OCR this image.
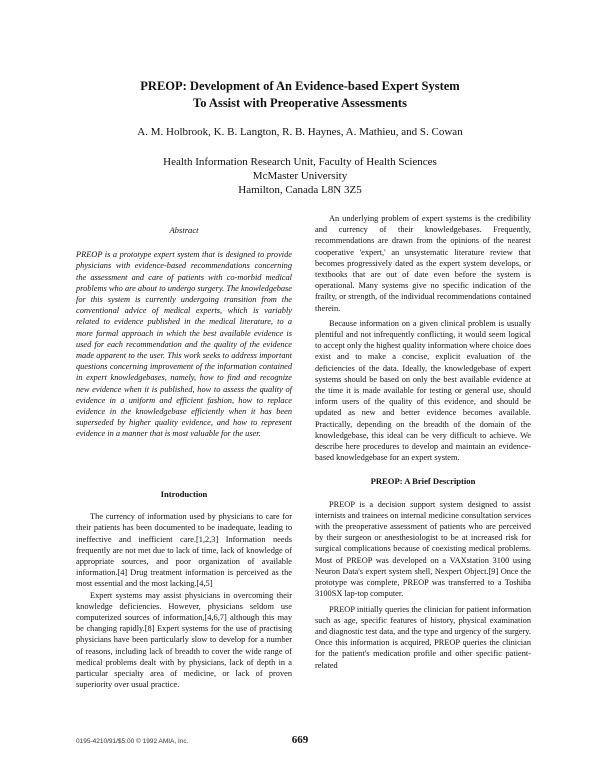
PREOP: Development of An Evidence-based Expert System
To Assist with Preoperative Assessments
A. M. Holbrook, K. B. Langton, R. B. Haynes, A. Mathieu, and S. Cowan
Health Information Research Unit, Faculty of Health Sciences
McMaster University
Hamilton, Canada L8N 3Z5
Abstract

PREOP is a prototype expert system that is designed to provide physicians with evidence-based recommendations concerning the assessment and care of patients with co-morbid medical problems who are about to undergo surgery. The knowledgebase for this system is currently undergoing transition from the conventional advice of medical experts, which is variably related to evidence published in the medical literature, to a more formal approach in which the best available evidence is used for each recommendation and the quality of the evidence made apparent to the user. This work seeks to address important questions concerning improvement of the information contained in expert knowledgebases, namely, how to find and recognize new evidence when it is published, how to assess the quality of evidence in a uniform and efficient fashion, how to replace evidence in the knowledgebase efficiently when it has been superseded by higher quality evidence, and how to represent evidence in a manner that is most valuable for the user.

Introduction

The currency of information used by physicians to care for their patients has been documented to be inadequate, leading to ineffective and inefficient care.[1,2,3] Information needs frequently are not met due to lack of time, lack of knowledge of appropriate sources, and poor organization of available information.[4] Drug treatment information is perceived as the most essential and the most lacking.[4,5]

Expert systems may assist physicians in overcoming their knowledge deficiencies. However, physicians seldom use computerized sources of information,[4,6,7] although this may be changing rapidly.[8] Expert systems for the use of practising physicians have been particularly slow to develop for a number of reasons, including lack of breadth to cover the wide range of medical problems dealt with by physicians, lack of depth in a particular specialty area of medicine, or lack of proven superiority over usual practice.

An underlying problem of expert systems is the credibility and currency of their knowledgebases. Frequently, recommendations are drawn from the opinions of the nearest cooperative 'expert,' an unsystematic literature review that becomes progressively dated as the expert system develops, or textbooks that are out of date even before the system is operational. Many systems give no specific indication of the frailty, or strength, of the individual recommendations contained therein.

Because information on a given clinical problem is usually plentiful and not infrequently conflicting, it would seem logical to accept only the highest quality information where choice does exist and to make a concise, explicit evaluation of the deficiencies of the data. Ideally, the knowledgebase of expert systems should be based on only the best available evidence at the time it is made available for testing or general use, should inform users of the quality of this evidence, and should be updated as new and better evidence becomes available. Practically, depending on the breadth of the domain of the knowledgebase, this ideal can be very difficult to achieve. We describe here procedures to develop and maintain an evidence-based knowledgebase for an expert system.

PREOP: A Brief Description

PREOP is a decision support system designed to assist internists and trainees on internal medicine consultation services with the preoperative assessment of patients who are perceived by their surgeon or anesthesiologist to be at increased risk for surgical complications because of coexisting medical problems. Most of PREOP was developed on a VAXstation 3100 using Neuron Data's expert system shell, Nexpert Object.[9] Once the prototype was complete, PREOP was transferred to a Toshiba 3100SX lap-top computer.

PREOP initially queries the clinician for patient information such as age, specific features of history, physical examination and diagnostic test data, and the type and urgency of the surgery. Once this information is acquired, PREOP queries the clinician for the patient's medication profile and other specific patient-related

0195-4210/91/$5.00 © 1992 AMIA, Inc.	669
